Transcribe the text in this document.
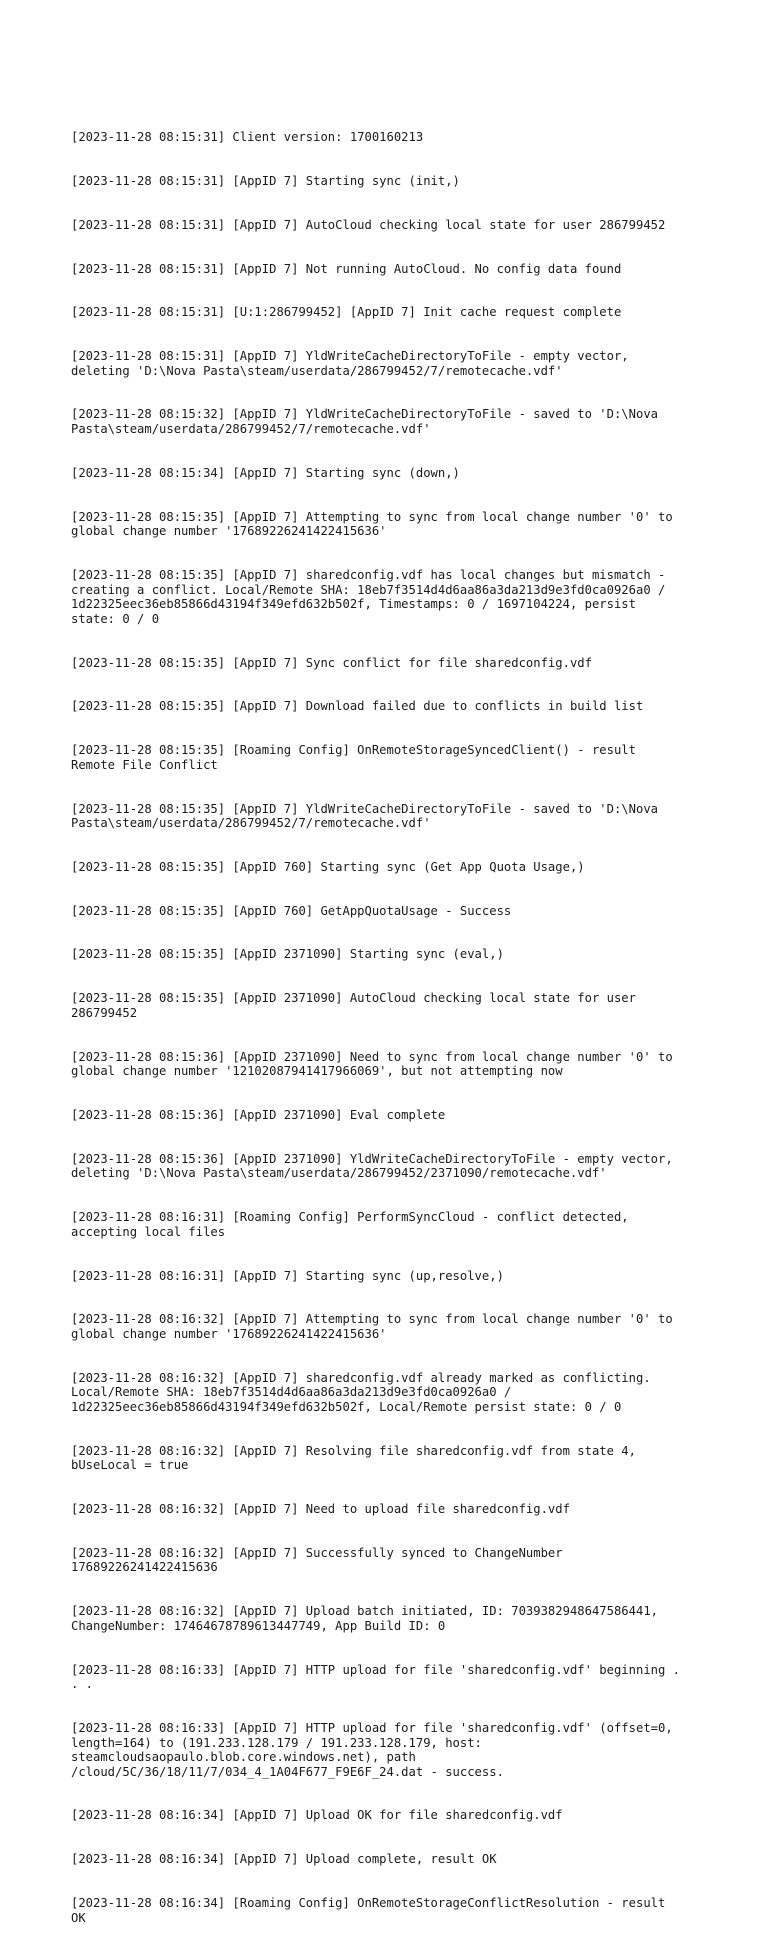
[2023-11-28 08:15:31] Client version: 1700160213

[2023-11-28 08:15:31] [AppID 7] Starting sync (init,)

[2023-11-28 08:15:31] [AppID 7] AutoCloud checking local state for user 286799452

[2023-11-28 08:15:31] [AppID 7] Not running AutoCloud. No config data found

[2023-11-28 08:15:31] [U:1:286799452] [AppID 7] Init cache request complete

[2023-11-28 08:15:31] [AppID 7] YldWriteCacheDirectoryToFile - empty vector,
deleting 'D:\Nova Pasta\steam/userdata/286799452/7/remotecache.vdf'

[2023-11-28 08:15:32] [AppID 7] YldWriteCacheDirectoryToFile - saved to 'D:\Nova
Pasta\steam/userdata/286799452/7/remotecache.vdf'

[2023-11-28 08:15:34] [AppID 7] Starting sync (down,)

[2023-11-28 08:15:35] [AppID 7] Attempting to sync from local change number '0' to
global change number '17689226241422415636'

[2023-11-28 08:15:35] [AppID 7] sharedconfig.vdf has local changes but mismatch -
creating a conflict. Local/Remote SHA: 18eb7f3514d4d6aa86a3da213d9e3fd0ca0926a0 /
1d22325eec36eb85866d43194f349efd632b502f, Timestamps: 0 / 1697104224, persist
state: 0 / 0

[2023-11-28 08:15:35] [AppID 7] Sync conflict for file sharedconfig.vdf

[2023-11-28 08:15:35] [AppID 7] Download failed due to conflicts in build list

[2023-11-28 08:15:35] [Roaming Config] OnRemoteStorageSyncedClient() - result
Remote File Conflict

[2023-11-28 08:15:35] [AppID 7] YldWriteCacheDirectoryToFile - saved to 'D:\Nova
Pasta\steam/userdata/286799452/7/remotecache.vdf'

[2023-11-28 08:15:35] [AppID 760] Starting sync (Get App Quota Usage,)

[2023-11-28 08:15:35] [AppID 760] GetAppQuotaUsage - Success

[2023-11-28 08:15:35] [AppID 2371090] Starting sync (eval,)

[2023-11-28 08:15:35] [AppID 2371090] AutoCloud checking local state for user
286799452

[2023-11-28 08:15:36] [AppID 2371090] Need to sync from local change number '0' to
global change number '12102087941417966069', but not attempting now

[2023-11-28 08:15:36] [AppID 2371090] Eval complete

[2023-11-28 08:15:36] [AppID 2371090] YldWriteCacheDirectoryToFile - empty vector,
deleting 'D:\Nova Pasta\steam/userdata/286799452/2371090/remotecache.vdf'

[2023-11-28 08:16:31] [Roaming Config] PerformSyncCloud - conflict detected,
accepting local files

[2023-11-28 08:16:31] [AppID 7] Starting sync (up,resolve,)

[2023-11-28 08:16:32] [AppID 7] Attempting to sync from local change number '0' to
global change number '17689226241422415636'

[2023-11-28 08:16:32] [AppID 7] sharedconfig.vdf already marked as conflicting.
Local/Remote SHA: 18eb7f3514d4d6aa86a3da213d9e3fd0ca0926a0 /
1d22325eec36eb85866d43194f349efd632b502f, Local/Remote persist state: 0 / 0

[2023-11-28 08:16:32] [AppID 7] Resolving file sharedconfig.vdf from state 4,
bUseLocal = true

[2023-11-28 08:16:32] [AppID 7] Need to upload file sharedconfig.vdf

[2023-11-28 08:16:32] [AppID 7] Successfully synced to ChangeNumber
17689226241422415636

[2023-11-28 08:16:32] [AppID 7] Upload batch initiated, ID: 7039382948647586441,
ChangeNumber: 17464678789613447749, App Build ID: 0

[2023-11-28 08:16:33] [AppID 7] HTTP upload for file 'sharedconfig.vdf' beginning .
. .

[2023-11-28 08:16:33] [AppID 7] HTTP upload for file 'sharedconfig.vdf' (offset=0,
length=164) to (191.233.128.179 / 191.233.128.179, host:
steamcloudsaopaulo.blob.core.windows.net), path
/cloud/5C/36/18/11/7/034_4_1A04F677_F9E6F_24.dat - success.

[2023-11-28 08:16:34] [AppID 7] Upload OK for file sharedconfig.vdf

[2023-11-28 08:16:34] [AppID 7] Upload complete, result OK

[2023-11-28 08:16:34] [Roaming Config] OnRemoteStorageConflictResolution - result
OK
